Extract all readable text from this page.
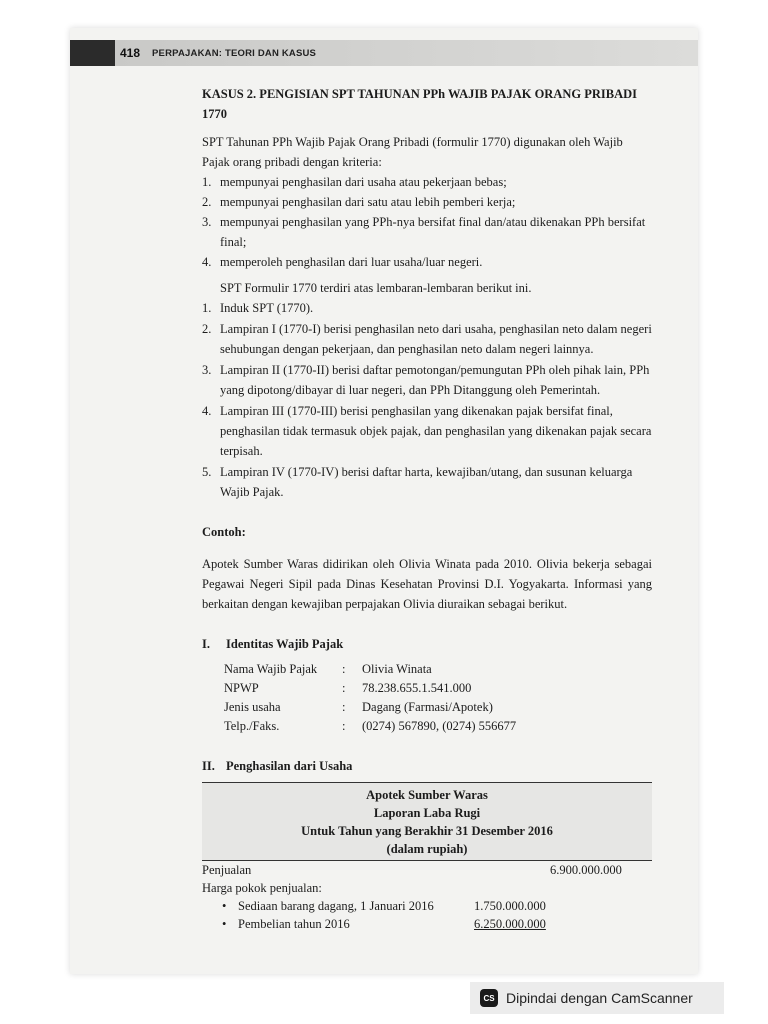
418 PERPAJAKAN: TEORI DAN KASUS
KASUS 2. PENGISIAN SPT TAHUNAN PPh WAJIB PAJAK ORANG PRIBADI 1770

SPT Tahunan PPh Wajib Pajak Orang Pribadi (formulir 1770) digunakan oleh Wajib Pajak orang pribadi dengan kriteria:

1. mempunyai penghasilan dari usaha atau pekerjaan bebas;
2. mempunyai penghasilan dari satu atau lebih pemberi kerja;
3. mempunyai penghasilan yang PPh-nya bersifat final dan/atau dikenakan PPh bersifat final;
4. memperoleh penghasilan dari luar usaha/luar negeri.

SPT Formulir 1770 terdiri atas lembaran-lembaran berikut ini.

1. Induk SPT (1770).
2. Lampiran I (1770-I) berisi penghasilan neto dari usaha, penghasilan neto dalam negeri sehubungan dengan pekerjaan, dan penghasilan neto dalam negeri lainnya.
3. Lampiran II (1770-II) berisi daftar pemotongan/pemungutan PPh oleh pihak lain, PPh yang dipotong/dibayar di luar negeri, dan PPh Ditanggung oleh Pemerintah.
4. Lampiran III (1770-III) berisi penghasilan yang dikenakan pajak bersifat final, penghasilan tidak termasuk objek pajak, dan penghasilan yang dikenakan pajak secara terpisah.
5. Lampiran IV (1770-IV) berisi daftar harta, kewajiban/utang, dan susunan keluarga Wajib Pajak.
Contoh:

Apotek Sumber Waras didirikan oleh Olivia Winata pada 2010. Olivia bekerja sebagai Pegawai Negeri Sipil pada Dinas Kesehatan Provinsi D.I. Yogyakarta. Informasi yang berkaitan dengan kewajiban perpajakan Olivia diuraikan sebagai berikut.

I.	Identitas Wajib Pajak
Nama Wajib Pajak	:	Olivia Winata
NPWP	:	78.238.655.1.541.000
Jenis usaha	:	Dagang (Farmasi/Apotek)
Telp./Faks.	:	(0274) 567890, (0274) 556677
II. Penghasilan dari Usaha
Apotek Sumber Waras
Laporan Laba Rugi
Untuk Tahun yang Berakhir 31 Desember 2016
(dalam rupiah)
Penjualan	6.900.000.000
Harga pokok penjualan:
• Sediaan barang dagang, 1 Januari 2016	1.750.000.000
• Pembelian tahun 2016	6.250.000.000
CS Dipindai dengan CamScanner
